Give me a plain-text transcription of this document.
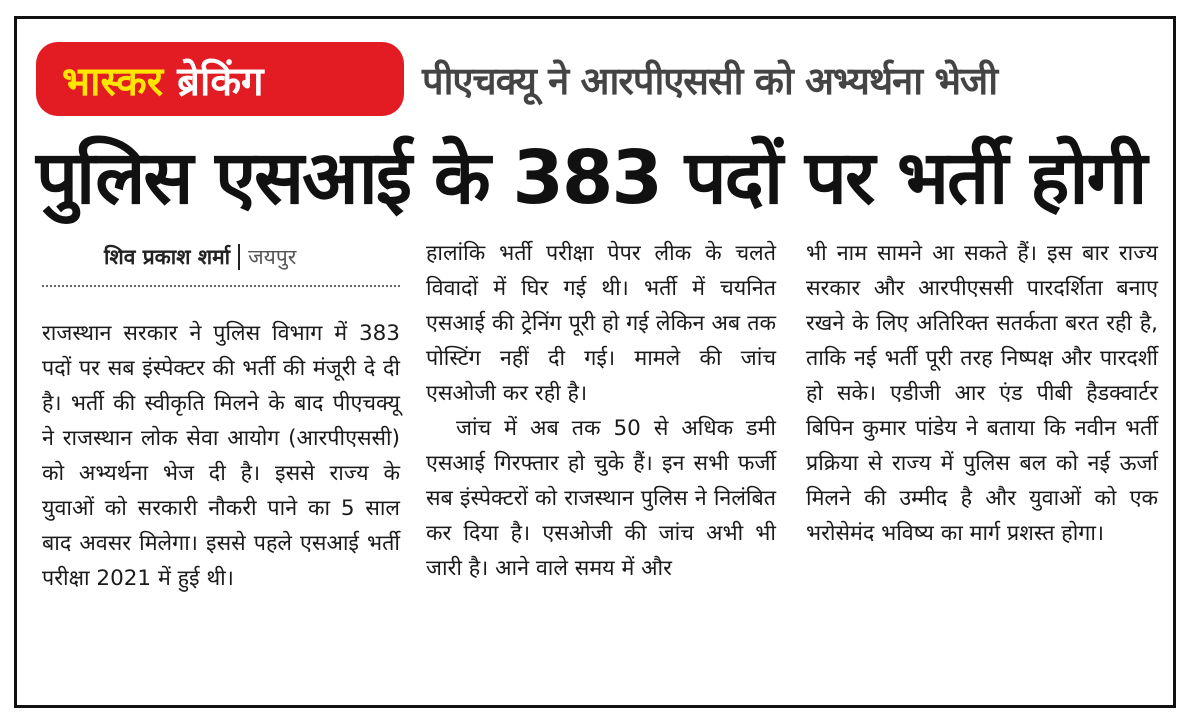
भास्कर ब्रेकिंग	पीएचक्यू ने आरपीएससी को अभ्यर्थना भेजी
पुलिस एसआई के 383 पदों पर भर्ती होगी
शिव प्रकाश शर्मा जयपुर

राजस्थान सरकार ने पुलिस विभाग में 383 पदों पर सब इंस्पेक्टर की भर्ती की मंजूरी दे दी है। भर्ती की स्वीकृति मिलने के बाद पीएचक्यू ने राजस्थान लोक सेवा आयोग (आरपीएससी) को अभ्यर्थना भेज दी है। इससे राज्य के युवाओं को सरकारी नौकरी पाने का 5 साल बाद अवसर मिलेगा। इससे पहले एसआई भर्ती परीक्षा 2021 में हुई थी।

हालांकि भर्ती परीक्षा पेपर लीक के चलते विवादों में घिर गई थी। भर्ती में चयनित एसआई की ट्रेनिंग पूरी हो गई लेकिन अब तक पोस्टिंग नहीं दी गई। मामले की जांच एसओजी कर रही है।

जांच में अब तक 50 से अधिक डमी एसआई गिरफ्तार हो चुके हैं। इन सभी फर्जी सब इंस्पेक्टरों को राजस्थान पुलिस ने निलंबित कर दिया है। एसओजी की जांच अभी भी जारी है। आने वाले समय में और

भी नाम सामने आ सकते हैं। इस बार राज्य सरकार और आरपीएससी पारदर्शिता बनाए रखने के लिए अतिरिक्त सतर्कता बरत रही है, ताकि नई भर्ती पूरी तरह निष्पक्ष और पारदर्शी हो सके। एडीजी आर एंड पीबी हैडक्वार्टर बिपिन कुमार पांडेय ने बताया कि नवीन भर्ती प्रक्रिया से राज्य में पुलिस बल को नई ऊर्जा मिलने की उम्मीद है और युवाओं को एक भरोसेमंद भविष्य का मार्ग प्रशस्त होगा।
